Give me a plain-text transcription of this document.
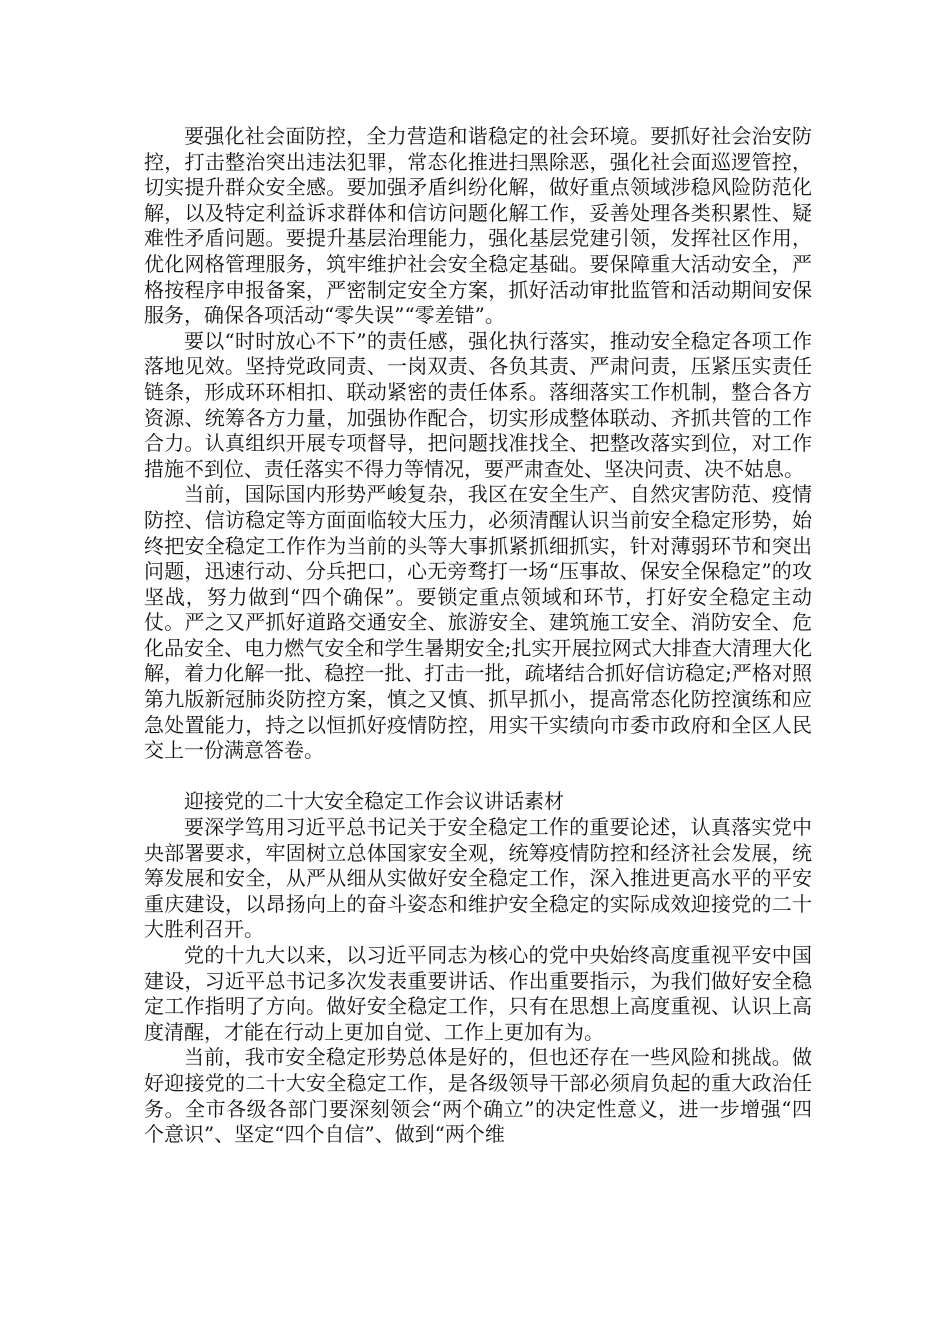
要强化社会面防控，全力营造和谐稳定的社会环境。要抓好社会治安防控，打击整治突出违法犯罪，常态化推进扫黑除恶，强化社会面巡逻管控，切实提升群众安全感。要加强矛盾纠纷化解，做好重点领域涉稳风险防范化解，以及特定利益诉求群体和信访问题化解工作，妥善处理各类积累性、疑难性矛盾问题。要提升基层治理能力，强化基层党建引领，发挥社区作用，优化网格管理服务，筑牢维护社会安全稳定基础。要保障重大活动安全，严格按程序申报备案，严密制定安全方案，抓好活动审批监管和活动期间安保服务，确保各项活动“零失误”“零差错”。

要以“时时放心不下”的责任感，强化执行落实，推动安全稳定各项工作落地见效。坚持党政同责、一岗双责、各负其责、严肃问责，压紧压实责任链条，形成环环相扣、联动紧密的责任体系。落细落实工作机制，整合各方资源、统筹各方力量，加强协作配合，切实形成整体联动、齐抓共管的工作合力。认真组织开展专项督导，把问题找准找全、把整改落实到位，对工作措施不到位、责任落实不得力等情况，要严肃查处、坚决问责、决不姑息。

当前，国际国内形势严峻复杂，我区在安全生产、自然灾害防范、疫情防控、信访稳定等方面面临较大压力，必须清醒认识当前安全稳定形势，始终把安全稳定工作作为当前的头等大事抓紧抓细抓实，针对薄弱环节和突出问题，迅速行动、分兵把口，心无旁骛打一场“压事故、保安全保稳定”的攻坚战，努力做到“四个确保”。要锁定重点领域和环节，打好安全稳定主动仗。严之又严抓好道路交通安全、旅游安全、建筑施工安全、消防安全、危化品安全、电力燃气安全和学生暑期安全;扎实开展拉网式大排查大清理大化解，着力化解一批、稳控一批、打击一批，疏堵结合抓好信访稳定;严格对照第九版新冠肺炎防控方案，慎之又慎、抓早抓小，提高常态化防控演练和应急处置能力，持之以恒抓好疫情防控，用实干实绩向市委市政府和全区人民交上一份满意答卷。

迎接党的二十大安全稳定工作会议讲话素材

要深学笃用习近平总书记关于安全稳定工作的重要论述，认真落实党中央部署要求，牢固树立总体国家安全观，统筹疫情防控和经济社会发展，统筹发展和安全，从严从细从实做好安全稳定工作，深入推进更高水平的平安重庆建设，以昂扬向上的奋斗姿态和维护安全稳定的实际成效迎接党的二十大胜利召开。

党的十九大以来，以习近平同志为核心的党中央始终高度重视平安中国建设，习近平总书记多次发表重要讲话、作出重要指示，为我们做好安全稳定工作指明了方向。做好安全稳定工作，只有在思想上高度重视、认识上高度清醒，才能在行动上更加自觉、工作上更加有为。

当前，我市安全稳定形势总体是好的，但也还存在一些风险和挑战。做好迎接党的二十大安全稳定工作，是各级领导干部必须肩负起的重大政治任务。全市各级各部门要深刻领会“两个确立”的决定性意义，进一步增强“四个意识”、坚定“四个自信”、做到“两个维
